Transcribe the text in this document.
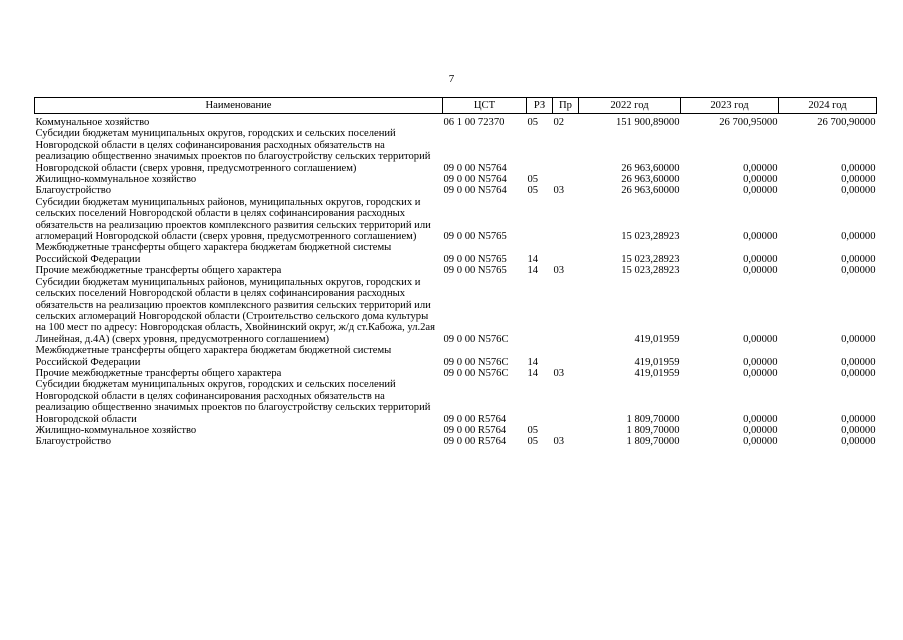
7
Наименование	ЦСТ	РЗ	Пр	2022 год	2023 год	2024 год
Коммунальное хозяйство	06 1 00 72370	05	02	151 900,89000	26 700,95000	26 700,90000
Субсидии бюджетам муниципальных округов, городских и сельских поселений Новгородской области в целях софинансирования расходных обязательств на реализацию общественно значимых проектов по благоустройству сельских территорий Новгородской области (сверх уровня, предусмотренного соглашением)	09 0 00 N5764			26 963,60000	0,00000	0,00000
Жилищно-коммунальное хозяйство	09 0 00 N5764	05		26 963,60000	0,00000	0,00000
Благоустройство	09 0 00 N5764	05	03	26 963,60000	0,00000	0,00000
Субсидии бюджетам муниципальных районов, муниципальных округов, городских и сельских поселений Новгородской области в целях софинансирования расходных обязательств на реализацию проектов комплексного развития сельских территорий или агломераций Новгородской области (сверх уровня, предусмотренного соглашением)	09 0 00 N5765			15 023,28923	0,00000	0,00000
Межбюджетные трансферты общего характера бюджетам бюджетной системы Российской Федерации	09 0 00 N5765	14		15 023,28923	0,00000	0,00000
Прочие межбюджетные трансферты общего характера	09 0 00 N5765	14	03	15 023,28923	0,00000	0,00000
Субсидии бюджетам муниципальных районов, муниципальных округов, городских и сельских поселений Новгородской области в целях софинансирования расходных обязательств на реализацию проектов комплексного развития сельских территорий или сельских агломераций Новгородской области (Строительство сельского дома культуры на 100 мест по адресу: Новгородская область, Хвойнинский округ, ж/д ст.Кабожа, ул.2ая Линейная, д.4А) (сверх уровня, предусмотренного соглашением)	09 0 00 N576C			419,01959	0,00000	0,00000
Межбюджетные трансферты общего характера бюджетам бюджетной системы Российской Федерации	09 0 00 N576C	14		419,01959	0,00000	0,00000
Прочие межбюджетные трансферты общего характера	09 0 00 N576C	14	03	419,01959	0,00000	0,00000
Субсидии бюджетам муниципальных округов, городских и сельских поселений Новгородской области в целях софинансирования расходных обязательств на реализацию общественно значимых проектов по благоустройству сельских территорий Новгородской области	09 0 00 R5764			1 809,70000	0,00000	0,00000
Жилищно-коммунальное хозяйство	09 0 00 R5764	05		1 809,70000	0,00000	0,00000
Благоустройство	09 0 00 R5764	05	03	1 809,70000	0,00000	0,00000
